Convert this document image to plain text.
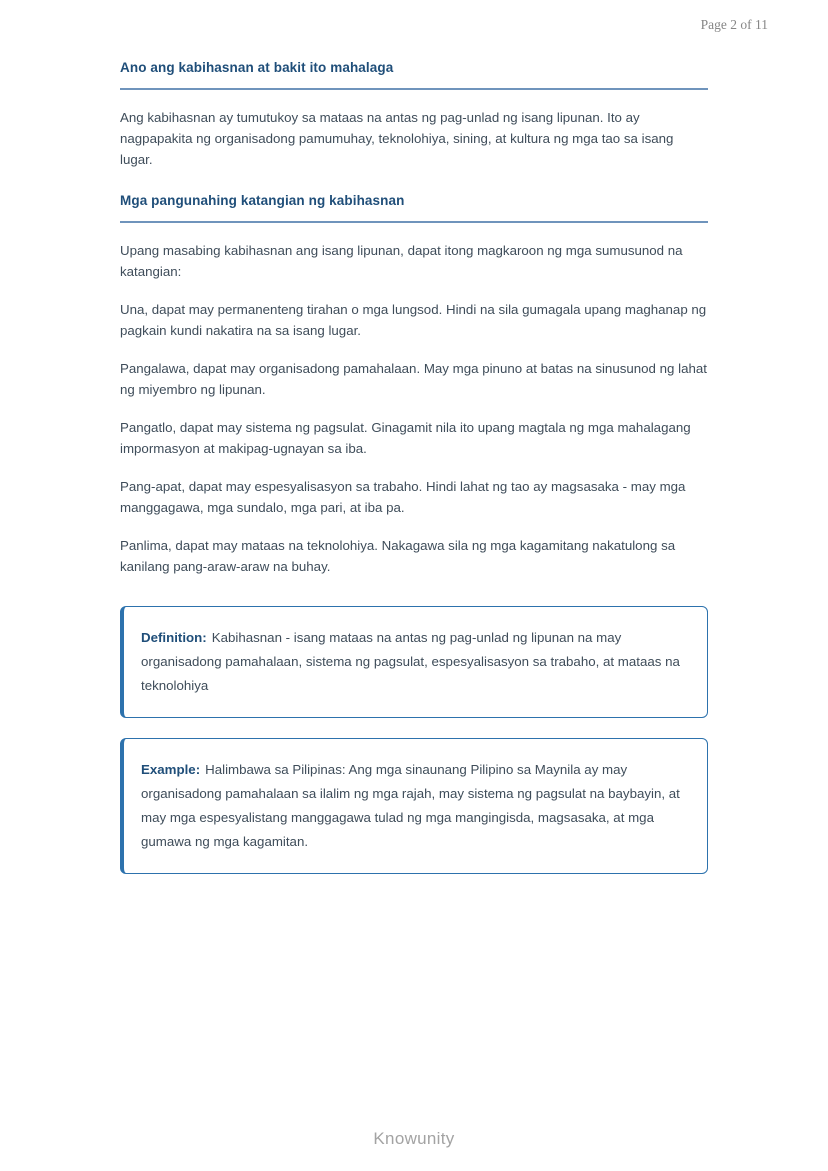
Page 2 of 11
Ano ang kabihasnan at bakit ito mahalaga

Ang kabihasnan ay tumutukoy sa mataas na antas ng pag-unlad ng isang lipunan. Ito ay nagpapakita ng organisadong pamumuhay, teknolohiya, sining, at kultura ng mga tao sa isang lugar.

Mga pangunahing katangian ng kabihasnan

Upang masabing kabihasnan ang isang lipunan, dapat itong magkaroon ng mga sumusunod na katangian:

Una, dapat may permanenteng tirahan o mga lungsod. Hindi na sila gumagala upang maghanap ng pagkain kundi nakatira na sa isang lugar.

Pangalawa, dapat may organisadong pamahalaan. May mga pinuno at batas na sinusunod ng lahat ng miyembro ng lipunan.

Pangatlo, dapat may sistema ng pagsulat. Ginagamit nila ito upang magtala ng mga mahalagang impormasyon at makipag-ugnayan sa iba.

Pang-apat, dapat may espesyalisasyon sa trabaho. Hindi lahat ng tao ay magsasaka - may mga manggagawa, mga sundalo, mga pari, at iba pa.

Panlima, dapat may mataas na teknolohiya. Nakagawa sila ng mga kagamitang nakatulong sa kanilang pang-araw-araw na buhay.

Definition: Kabihasnan - isang mataas na antas ng pag-unlad ng lipunan na may organisadong pamahalaan, sistema ng pagsulat, espesyalisasyon sa trabaho, at mataas na teknolohiya

Example: Halimbawa sa Pilipinas: Ang mga sinaunang Pilipino sa Maynila ay may organisadong pamahalaan sa ilalim ng mga rajah, may sistema ng pagsulat na baybayin, at may mga espesyalistang manggagawa tulad ng mga mangingisda, magsasaka, at mga gumawa ng mga kagamitan.

Knowunity
